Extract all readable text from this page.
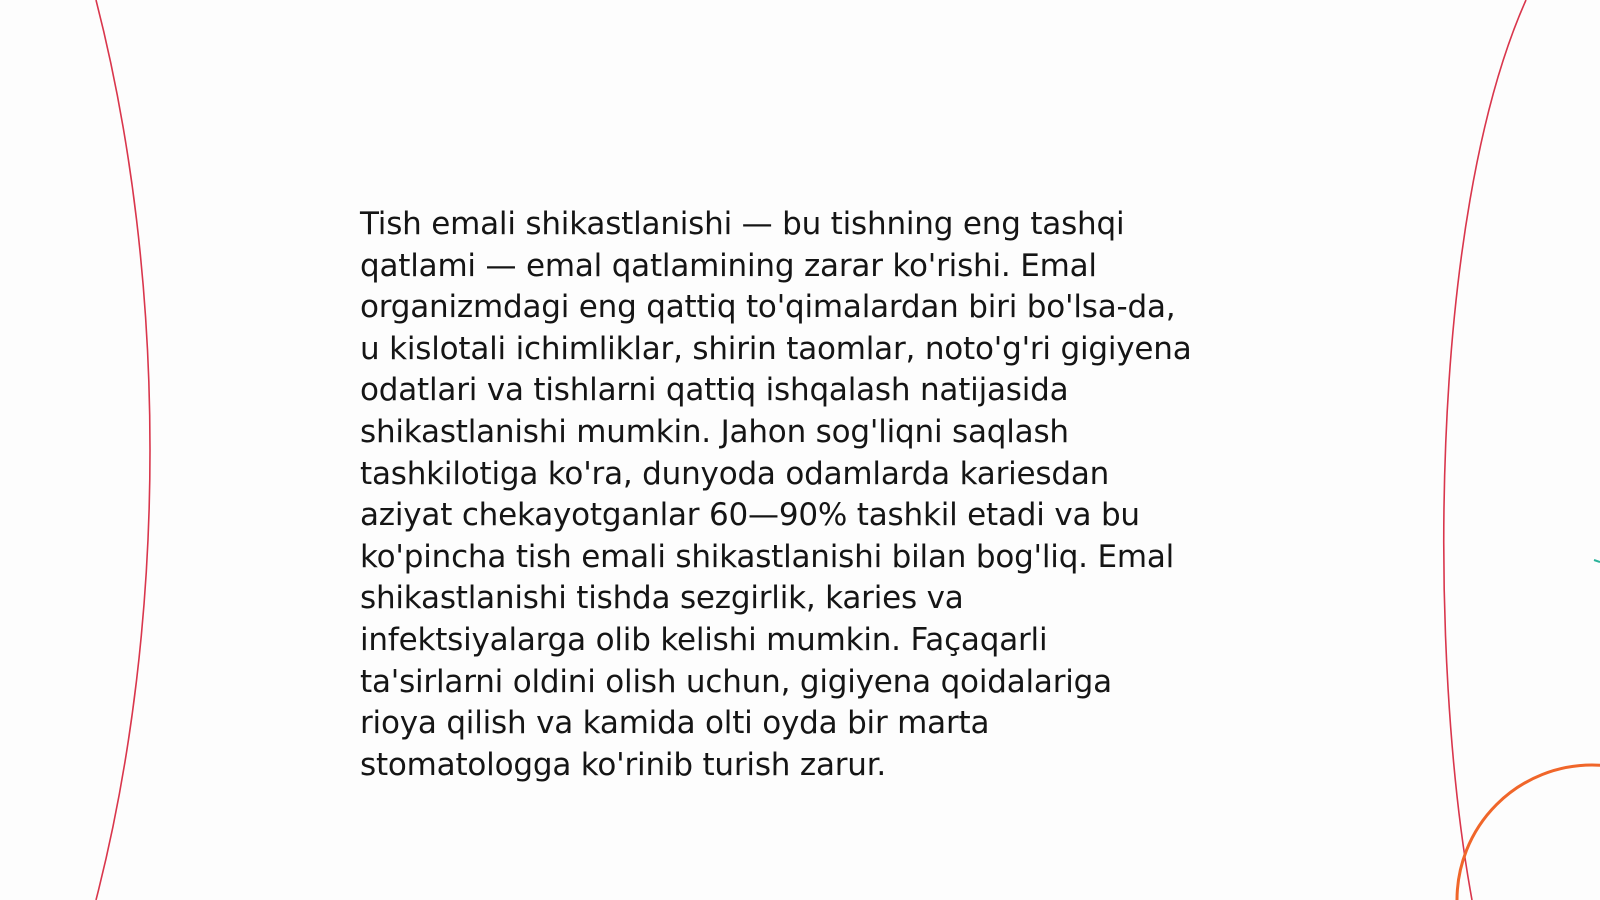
Tish emali shikastlanishi — bu tishning eng tashqi
qatlami — emal qatlamining zarar ko'rishi. Emal
organizmdagi eng qattiq to'qimalardan biri bo'lsa-da,
u kislotali ichimliklar, shirin taomlar, noto'g'ri gigiyena
odatlari va tishlarni qattiq ishqalash natijasida
shikastlanishi mumkin. Jahon sog'liqni saqlash
tashkilotiga ko'ra, dunyoda odamlarda kariesdan
aziyat chekayotganlar 60—90% tashkil etadi va bu
ko'pincha tish emali shikastlanishi bilan bog'liq. Emal
shikastlanishi tishda sezgirlik, karies va
infektsiyalarga olib kelishi mumkin. Façaqarli
ta'sirlarni oldini olish uchun, gigiyena qoidalariga
rioya qilish va kamida olti oyda bir marta
stomatologga ko'rinib turish zarur.
